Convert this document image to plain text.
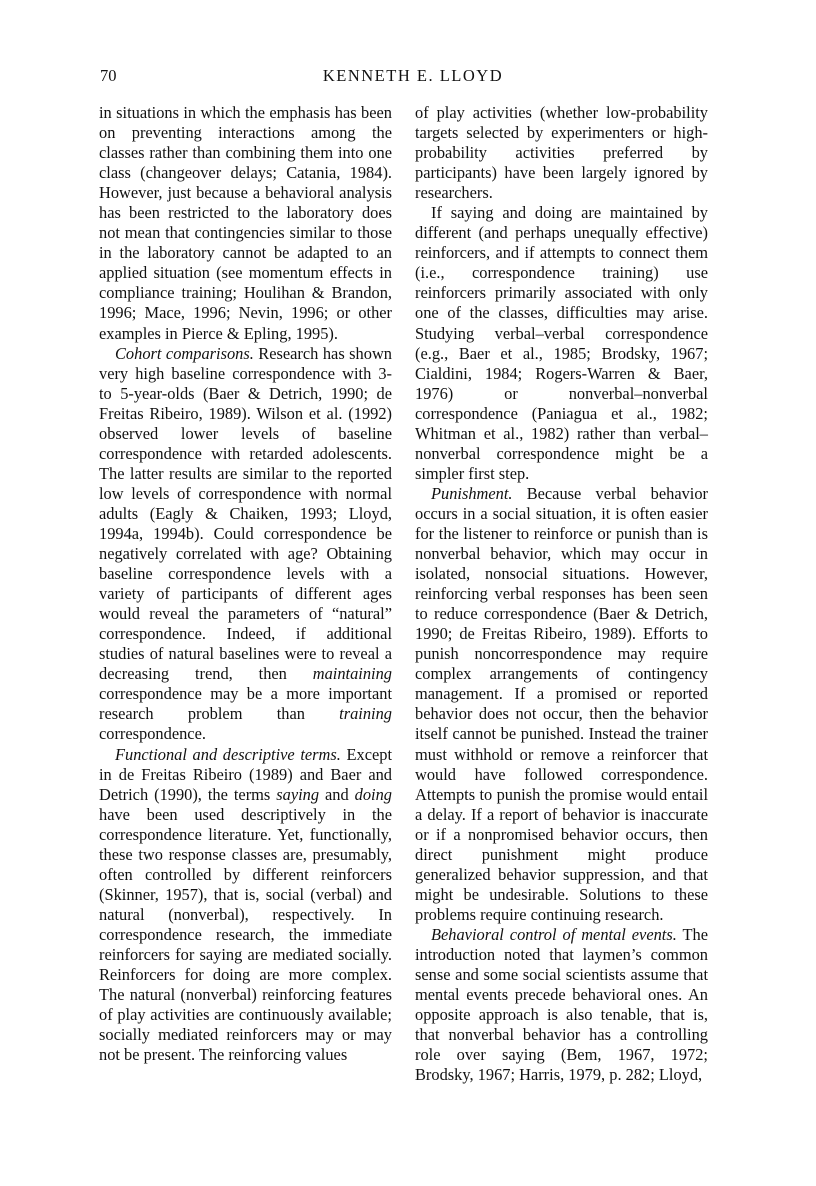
70	KENNETH E. LLOYD

in situations in which the emphasis has been on preventing interactions among the classes rather than combining them into one class (changeover delays; Catania, 1984). However, just because a behavioral analysis has been restricted to the laboratory does not mean that contingencies similar to those in the laboratory cannot be adapted to an applied situation (see momentum effects in compliance training; Houlihan & Brandon, 1996; Mace, 1996; Nevin, 1996; or other examples in Pierce & Epling, 1995).

Cohort comparisons. Research has shown very high baseline correspondence with 3- to 5-year-olds (Baer & Detrich, 1990; de Freitas Ribeiro, 1989). Wilson et al. (1992) observed lower levels of baseline correspondence with retarded adolescents. The latter results are similar to the reported low levels of correspondence with normal adults (Eagly & Chaiken, 1993; Lloyd, 1994a, 1994b). Could correspondence be negatively correlated with age? Obtaining baseline correspondence levels with a variety of participants of different ages would reveal the parameters of “natural” correspondence. Indeed, if additional studies of natural baselines were to reveal a decreasing trend, then maintaining correspondence may be a more important research problem than training correspondence.

Functional and descriptive terms. Except in de Freitas Ribeiro (1989) and Baer and Detrich (1990), the terms saying and doing have been used descriptively in the correspondence literature. Yet, functionally, these two response classes are, presumably, often controlled by different reinforcers (Skinner, 1957), that is, social (verbal) and natural (nonverbal), respectively. In correspondence research, the immediate reinforcers for saying are mediated socially. Reinforcers for doing are more complex. The natural (nonverbal) reinforcing features of play activities are continuously available; socially mediated reinforcers may or may not be present. The reinforcing values

of play activities (whether low-probability targets selected by experimenters or high-probability activities preferred by participants) have been largely ignored by researchers.

If saying and doing are maintained by different (and perhaps unequally effective) reinforcers, and if attempts to connect them (i.e., correspondence training) use reinforcers primarily associated with only one of the classes, difficulties may arise. Studying verbal–verbal correspondence (e.g., Baer et al., 1985; Brodsky, 1967; Cialdini, 1984; Rogers-Warren & Baer, 1976) or nonverbal–nonverbal correspondence (Paniagua et al., 1982; Whitman et al., 1982) rather than verbal–nonverbal correspondence might be a simpler first step.

Punishment. Because verbal behavior occurs in a social situation, it is often easier for the listener to reinforce or punish than is nonverbal behavior, which may occur in isolated, nonsocial situations. However, reinforcing verbal responses has been seen to reduce correspondence (Baer & Detrich, 1990; de Freitas Ribeiro, 1989). Efforts to punish noncorrespondence may require complex arrangements of contingency management. If a promised or reported behavior does not occur, then the behavior itself cannot be punished. Instead the trainer must withhold or remove a reinforcer that would have followed correspondence. Attempts to punish the promise would entail a delay. If a report of behavior is inaccurate or if a nonpromised behavior occurs, then direct punishment might produce generalized behavior suppression, and that might be undesirable. Solutions to these problems require continuing research.

Behavioral control of mental events. The introduction noted that laymen’s common sense and some social scientists assume that mental events precede behavioral ones. An opposite approach is also tenable, that is, that nonverbal behavior has a controlling role over saying (Bem, 1967, 1972; Brodsky, 1967; Harris, 1979, p. 282; Lloyd,
